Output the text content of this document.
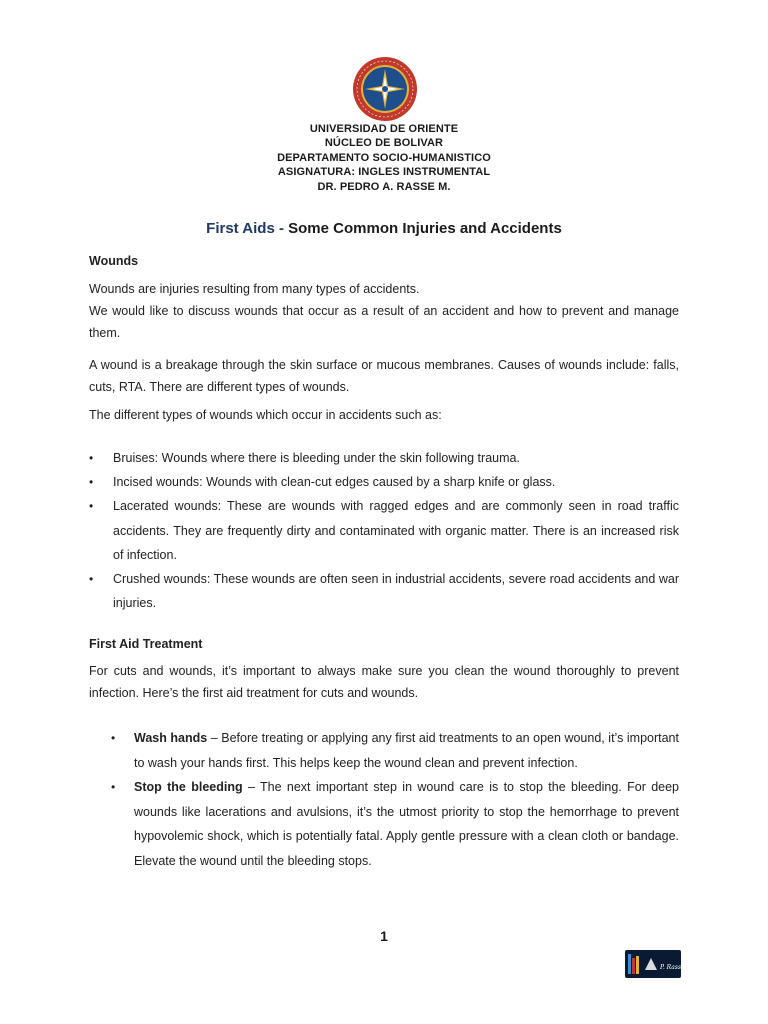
UNIVERSIDAD DE ORIENTE
NÚCLEO DE BOLIVAR
DEPARTAMENTO SOCIO-HUMANISTICO
ASIGNATURA: INGLES INSTRUMENTAL
DR. PEDRO A. RASSE M.
First Aids - Some Common Injuries and Accidents
Wounds
Wounds are injuries resulting from many types of accidents.
We would like to discuss wounds that occur as a result of an accident and how to prevent and manage them.
A wound is a breakage through the skin surface or mucous membranes. Causes of wounds include: falls, cuts, RTA. There are different types of wounds.
The different types of wounds which occur in accidents such as:
• Bruises: Wounds where there is bleeding under the skin following trauma.
• Incised wounds: Wounds with clean-cut edges caused by a sharp knife or glass.
• Lacerated wounds: These are wounds with ragged edges and are commonly seen in road traffic accidents. They are frequently dirty and contaminated with organic matter. There is an increased risk of infection.
• Crushed wounds: These wounds are often seen in industrial accidents, severe road accidents and war injuries.
First Aid Treatment
For cuts and wounds, it’s important to always make sure you clean the wound thoroughly to prevent infection. Here’s the first aid treatment for cuts and wounds.
• Wash hands – Before treating or applying any first aid treatments to an open wound, it’s important to wash your hands first. This helps keep the wound clean and prevent infection.
• Stop the bleeding – The next important step in wound care is to stop the bleeding. For deep wounds like lacerations and avulsions, it’s the utmost priority to stop the hemorrhage to prevent hypovolemic shock, which is potentially fatal. Apply gentle pressure with a clean cloth or bandage. Elevate the wound until the bleeding stops.
1
P. Rasse
